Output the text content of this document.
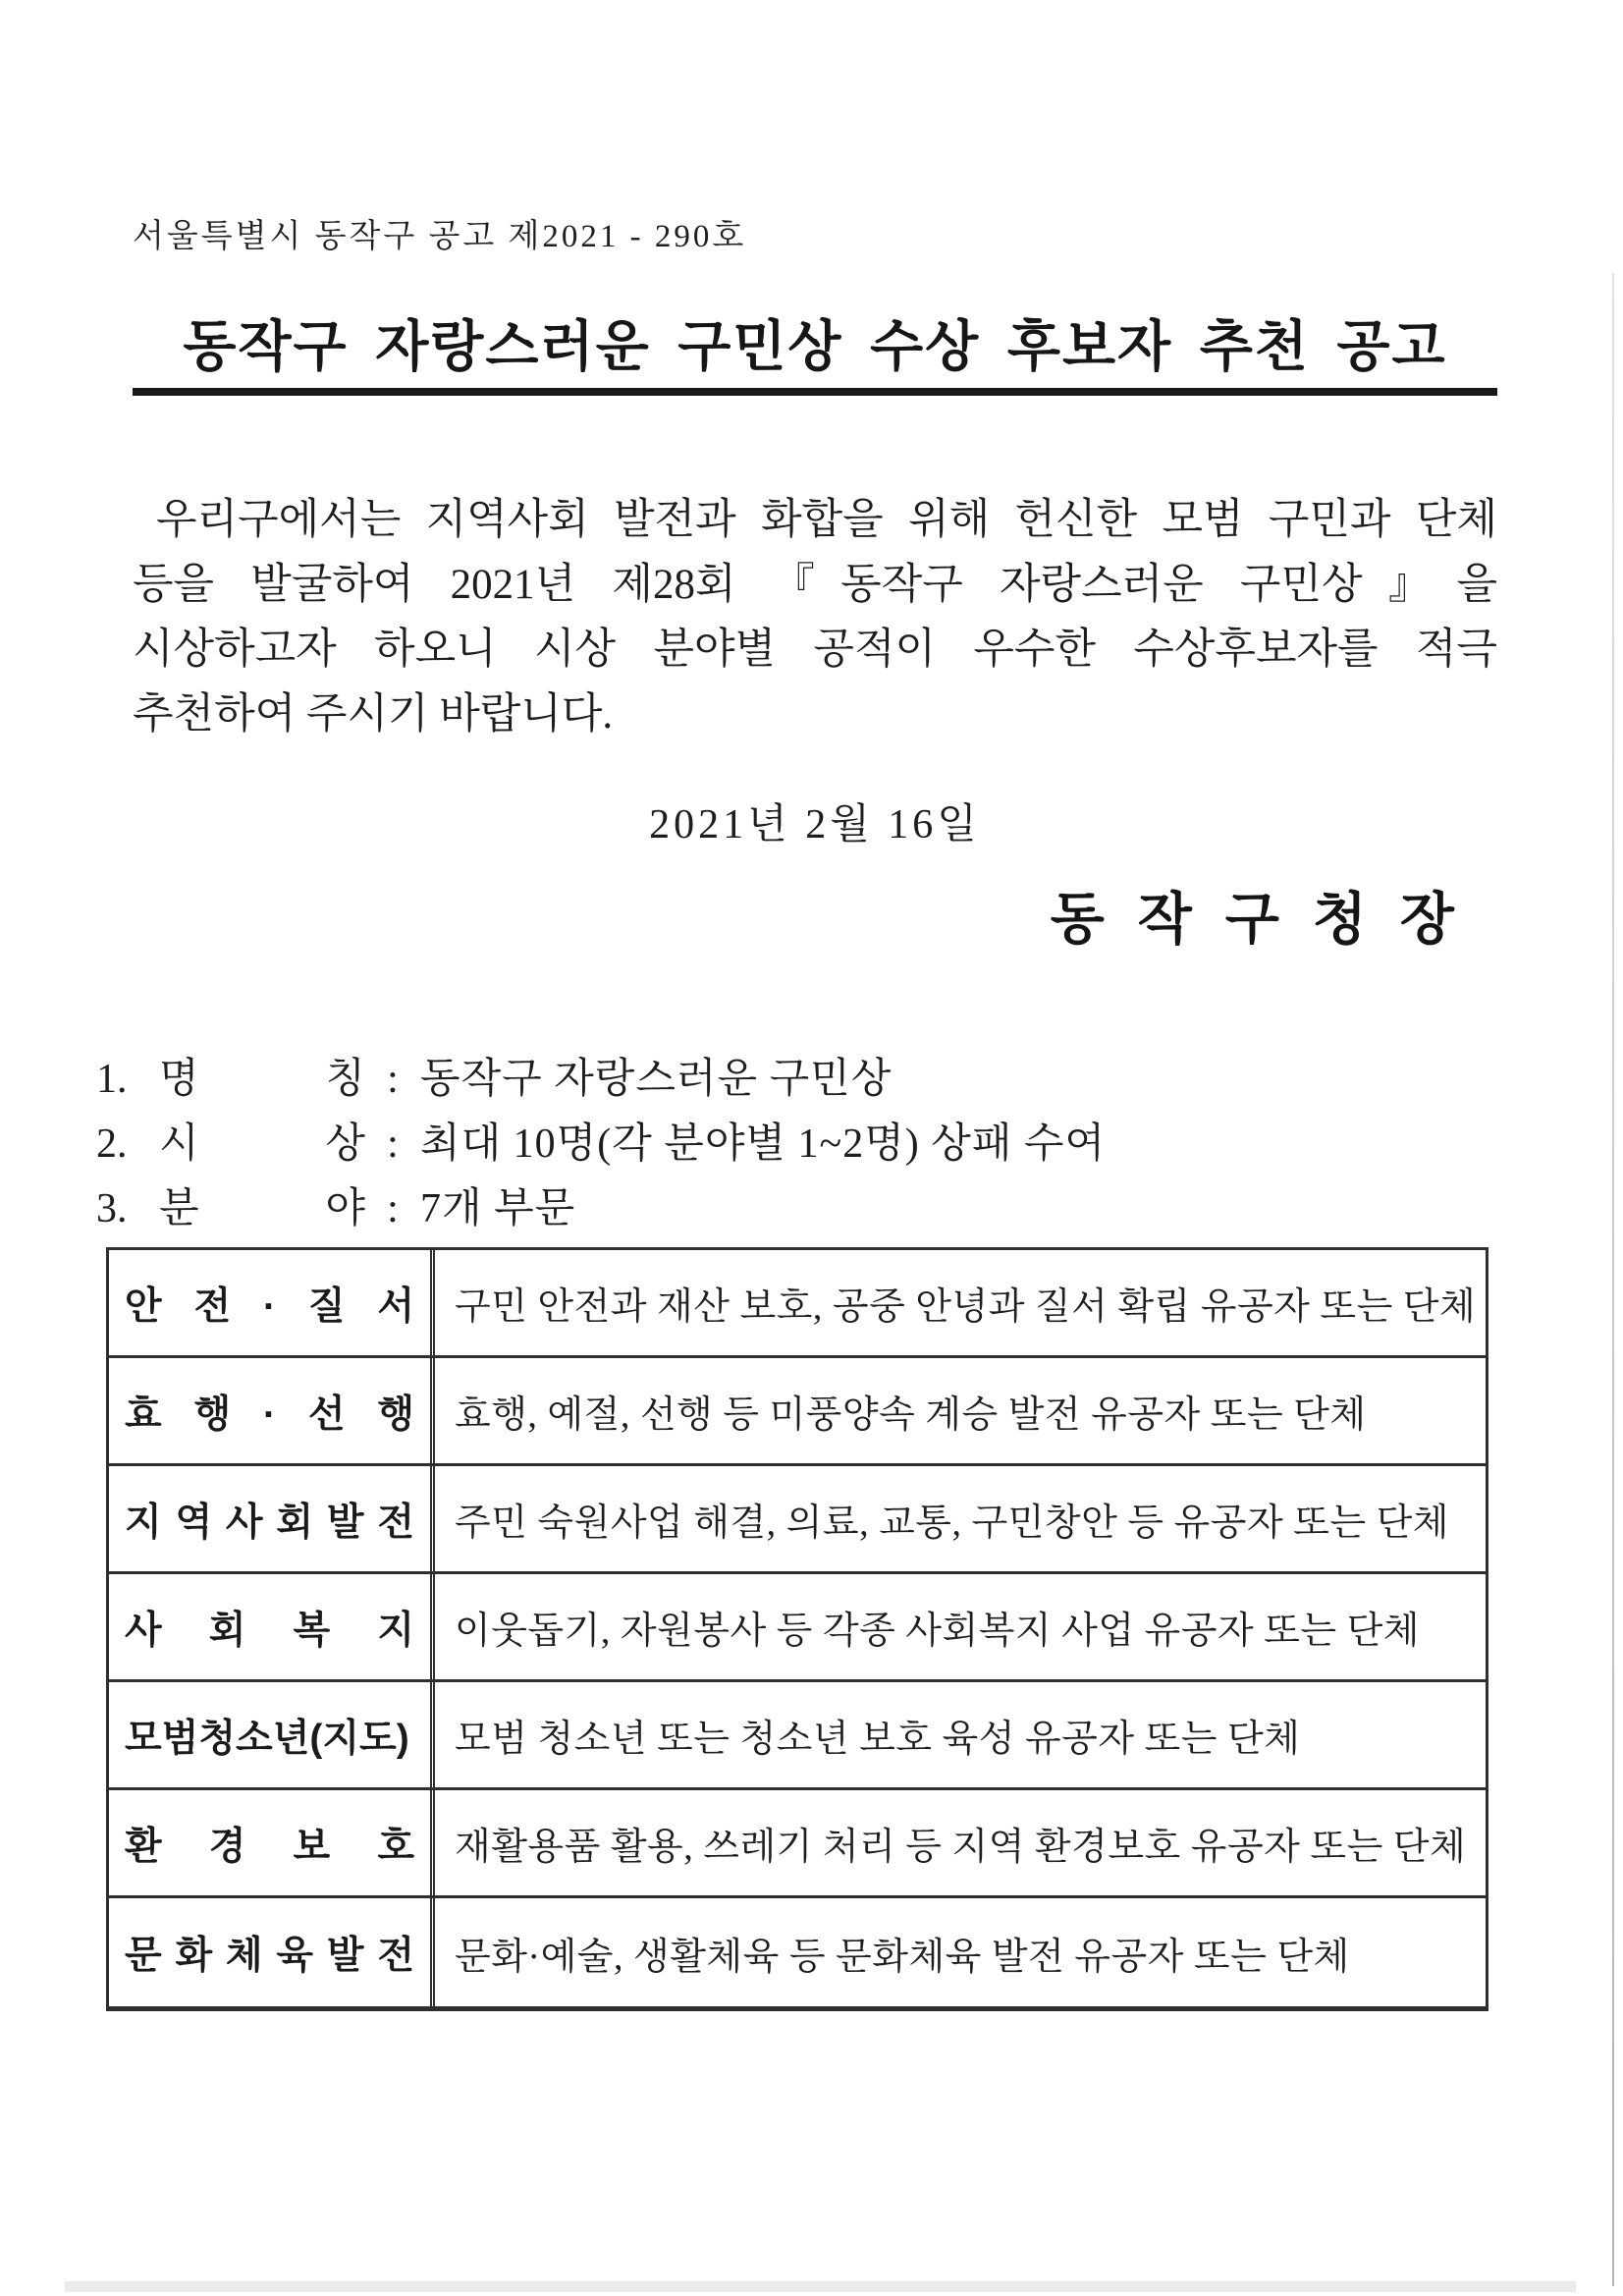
서울특별시 동작구 공고 제2021 - 290호
동작구 자랑스러운 구민상 수상 후보자 추천 공고
우리구에서는 지역사회 발전과 화합을 위해 헌신한 모범 구민과 단체
등을 발굴하여 2021년 제28회 『동작구 자랑스러운 구민상』을
시상하고자 하오니 시상 분야별 공적이 우수한 수상후보자를 적극
추천하여 주시기 바랍니다.
2021년 2월 16일
동작구청장
1. 명 칭 : 동작구 자랑스러운 구민상
2. 시 상 : 최대 10명(각 분야별 1~2명) 상패 수여
3. 분 야 : 7개 부문
안 전 · 질 서	구민 안전과 재산 보호, 공중 안녕과 질서 확립 유공자 또는 단체
효 행 · 선 행	효행, 예절, 선행 등 미풍양속 계승 발전 유공자 또는 단체
지 역 사 회 발 전	주민 숙원사업 해결, 의료, 교통, 구민창안 등 유공자 또는 단체
사 회 복 지	이웃돕기, 자원봉사 등 각종 사회복지 사업 유공자 또는 단체
모범청소년(지도)	모범 청소년 또는 청소년 보호 육성 유공자 또는 단체
환 경 보 호	재활용품 활용, 쓰레기 처리 등 지역 환경보호 유공자 또는 단체
문 화 체 육 발 전	문화·예술, 생활체육 등 문화체육 발전 유공자 또는 단체
